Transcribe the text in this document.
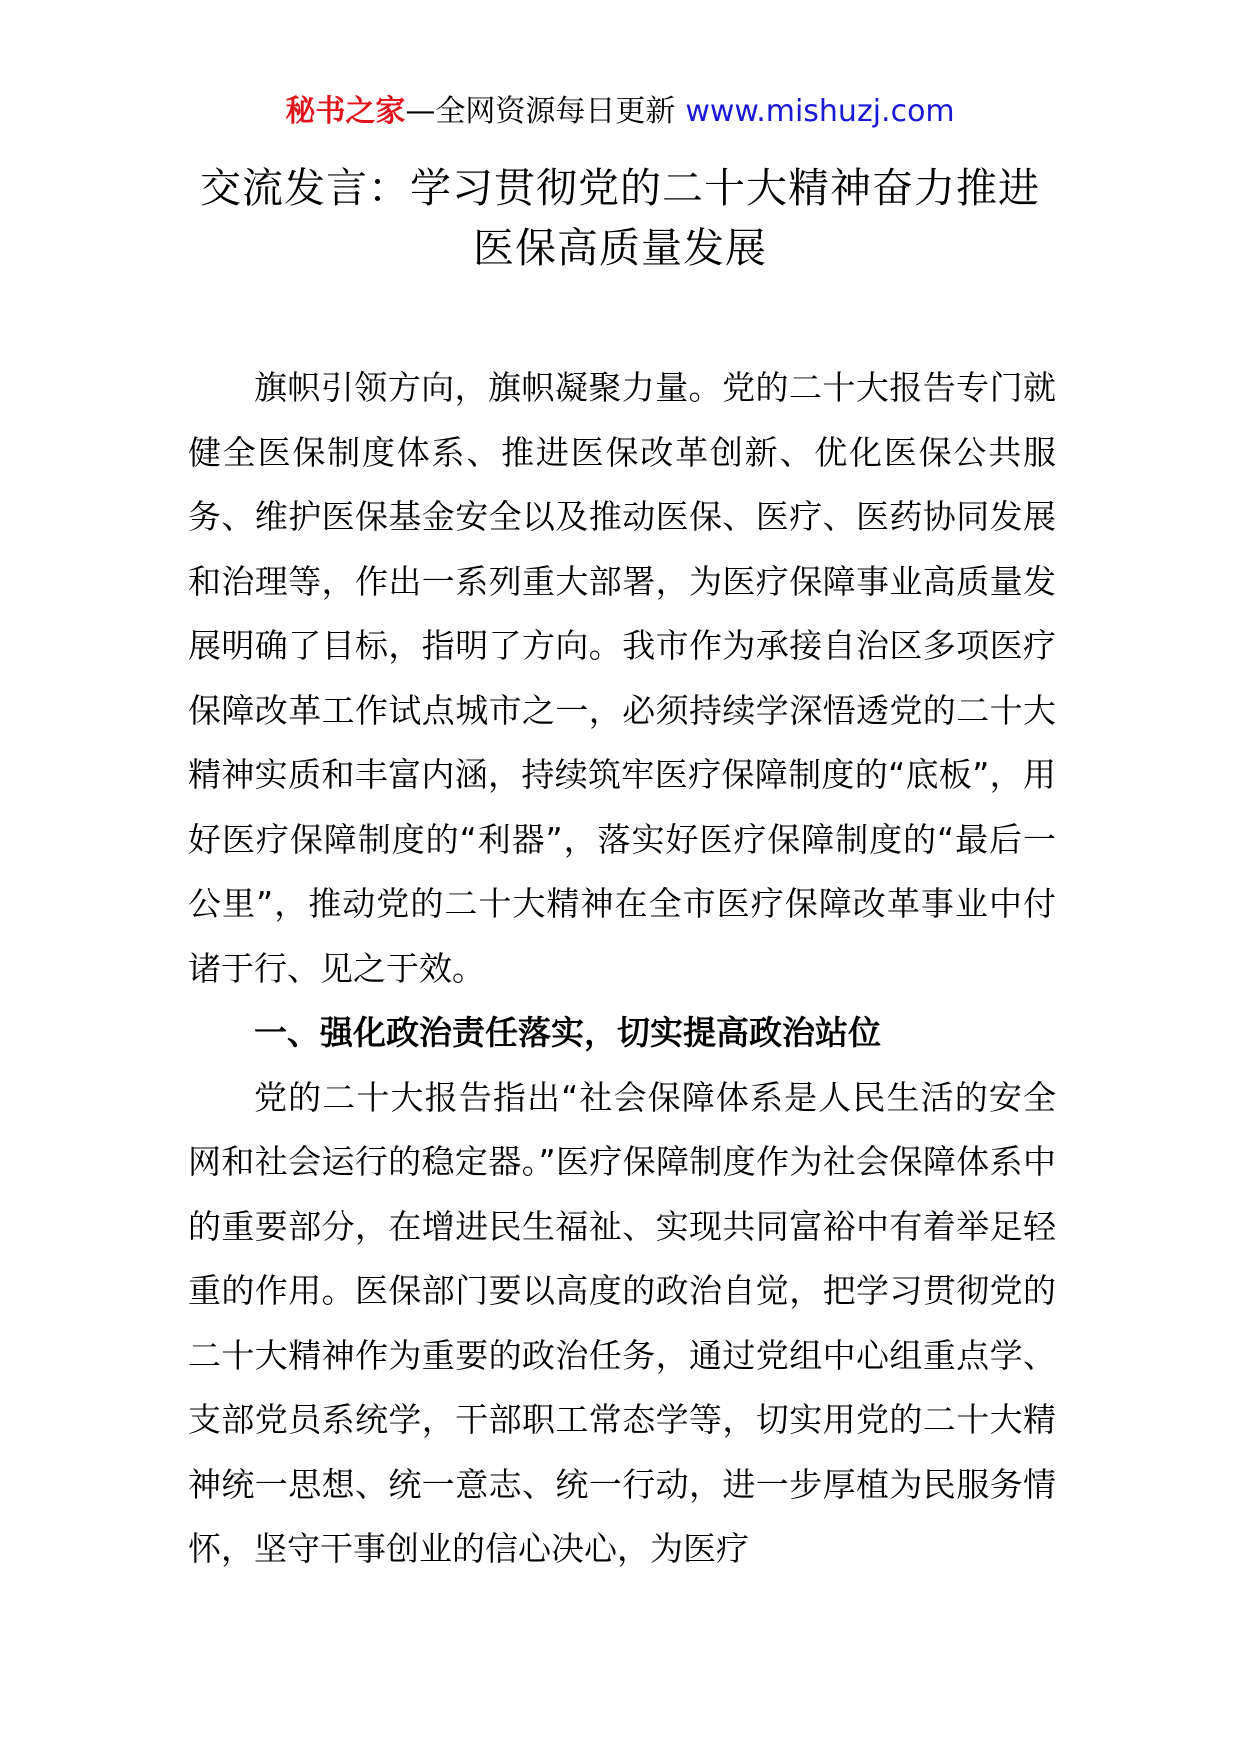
秘书之家—全网资源每日更新 www.mishuzj.com
交流发言：学习贯彻党的二十大精神奋力推进
医保高质量发展

旗帜引领方向，旗帜凝聚力量。党的二十大报告专门就健全医保制度体系、推进医保改革创新、优化医保公共服务、维护医保基金安全以及推动医保、医疗、医药协同发展和治理等，作出一系列重大部署，为医疗保障事业高质量发展明确了目标，指明了方向。我市作为承接自治区多项医疗保障改革工作试点城市之一，必须持续学深悟透党的二十大精神实质和丰富内涵，持续筑牢医疗保障制度的“底板”，用好医疗保障制度的“利器”，落实好医疗保障制度的“最后一公里”，推动党的二十大精神在全市医疗保障改革事业中付诸于行、见之于效。

一、强化政治责任落实，切实提高政治站位

党的二十大报告指出“社会保障体系是人民生活的安全网和社会运行的稳定器。”医疗保障制度作为社会保障体系中的重要部分，在增进民生福祉、实现共同富裕中有着举足轻重的作用。医保部门要以高度的政治自觉，把学习贯彻党的二十大精神作为重要的政治任务，通过党组中心组重点学、支部党员系统学，干部职工常态学等，切实用党的二十大精神统一思想、统一意志、统一行动，进一步厚植为民服务情怀，坚守干事创业的信心决心，为医疗
